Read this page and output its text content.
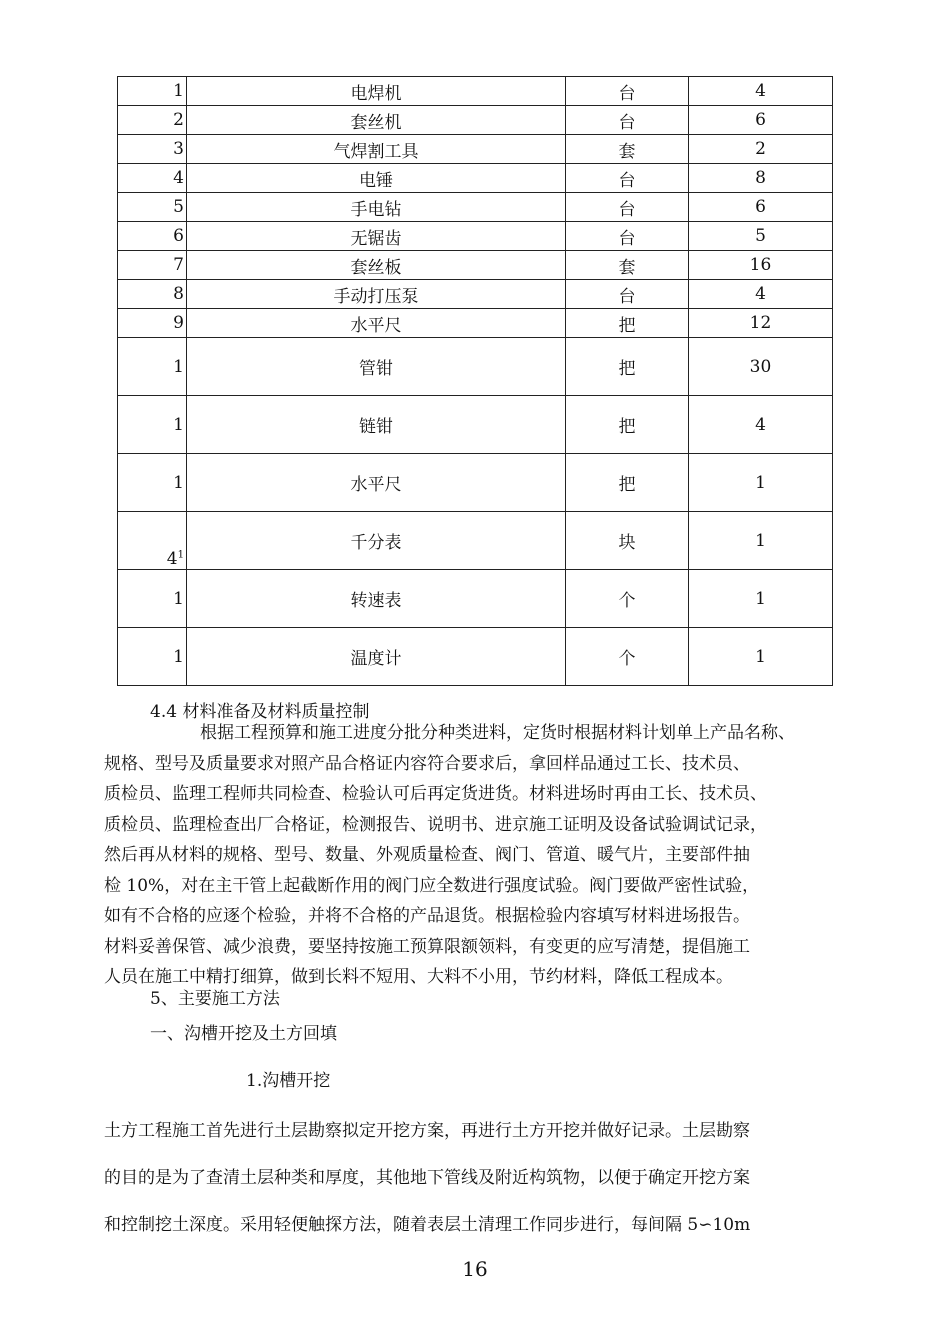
1	电焊机	台	4
2	套丝机	台	6
3	气焊割工具	套	2
4	电锤	台	8
5	手电钻	台	6
6	无锯齿	台	5
7	套丝板	套	16
8	手动打压泵	台	4
9	水平尺	把	12
1	管钳	把	30
1	链钳	把	4
1	水平尺	把	1
$4^1$	千分表	块	1
1	转速表	个	1
1	温度计	个	1
4.4 材料准备及材料质量控制
根据工程预算和施工进度分批分种类进料，定货时根据材料计划单上产品名称、
规格、型号及质量要求对照产品合格证内容符合要求后，拿回样品通过工长、技术员、
质检员、监理工程师共同检查、检验认可后再定货进货。材料进场时再由工长、技术员、
质检员、监理检查出厂合格证，检测报告、说明书、进京施工证明及设备试验调试记录，
然后再从材料的规格、型号、数量、外观质量检查、阀门、管道、暖气片，主要部件抽
检 10%，对在主干管上起截断作用的阀门应全数进行强度试验。阀门要做严密性试验，
如有不合格的应逐个检验，并将不合格的产品退货。根据检验内容填写材料进场报告。
材料妥善保管、减少浪费，要坚持按施工预算限额领料，有变更的应写清楚，提倡施工
人员在施工中精打细算，做到长料不短用、大料不小用，节约材料，降低工程成本。
5、主要施工方法
一、沟槽开挖及土方回填
1.沟槽开挖
土方工程施工首先进行土层勘察拟定开挖方案，再进行土方开挖并做好记录。土层勘察
的目的是为了查清土层种类和厚度，其他地下管线及附近构筑物，以便于确定开挖方案
和控制挖土深度。采用轻便触探方法，随着表层土清理工作同步进行，每间隔 5∽10m
16
